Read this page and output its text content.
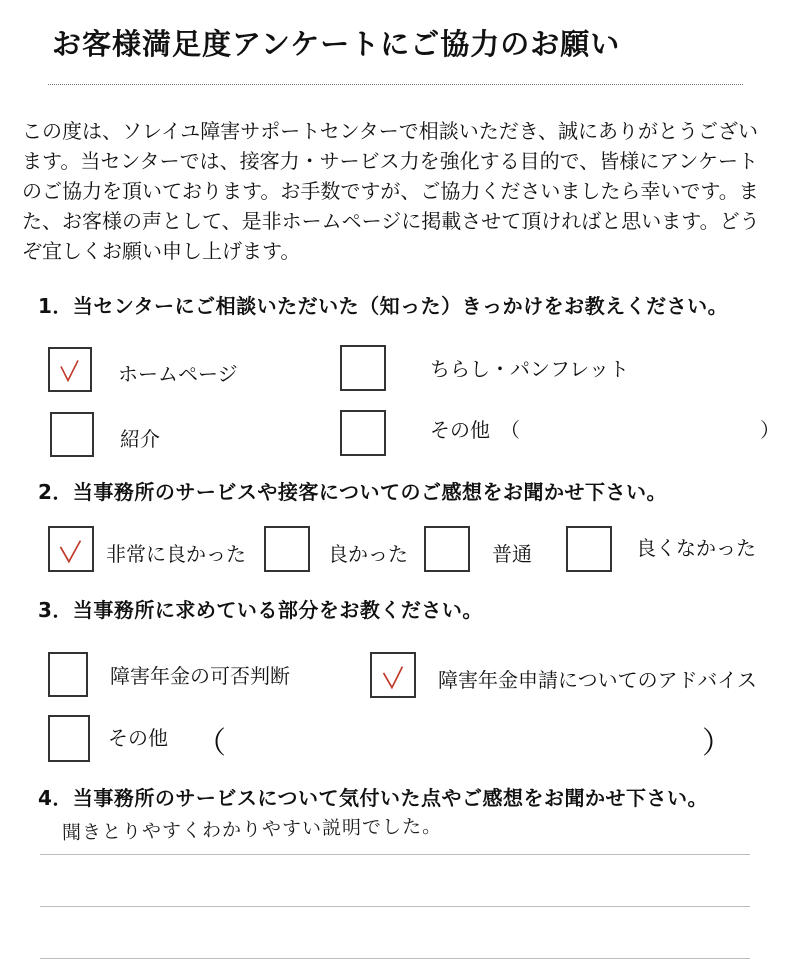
お客様満足度アンケートにご協力のお願い
この度は、ソレイユ障害サポートセンターで相談いただき、誠にありがとうございます。当センターでは、接客力・サービス力を強化する目的で、皆様にアンケートのご協力を頂いております。お手数ですが、ご協力くださいましたら幸いです。また、お客様の声として、是非ホームページに掲載させて頂ければと思います。どうぞ宜しくお願い申し上げます。
1．当センターにご相談いただいた（知った）きっかけをお教えください。
ホームページ	ちらし・パンフレット
紹介	その他　（	）
2．当事務所のサービスや接客についてのご感想をお聞かせ下さい。
非常に良かった	良かった	普通	良くなかった
3．当事務所に求めている部分をお教ください。
障害年金の可否判断	障害年金申請についてのアドバイス
その他 （	）
4．当事務所のサービスについて気付いた点やご感想をお聞かせ下さい。
聞きとりやすくわかりやすい説明でした。
